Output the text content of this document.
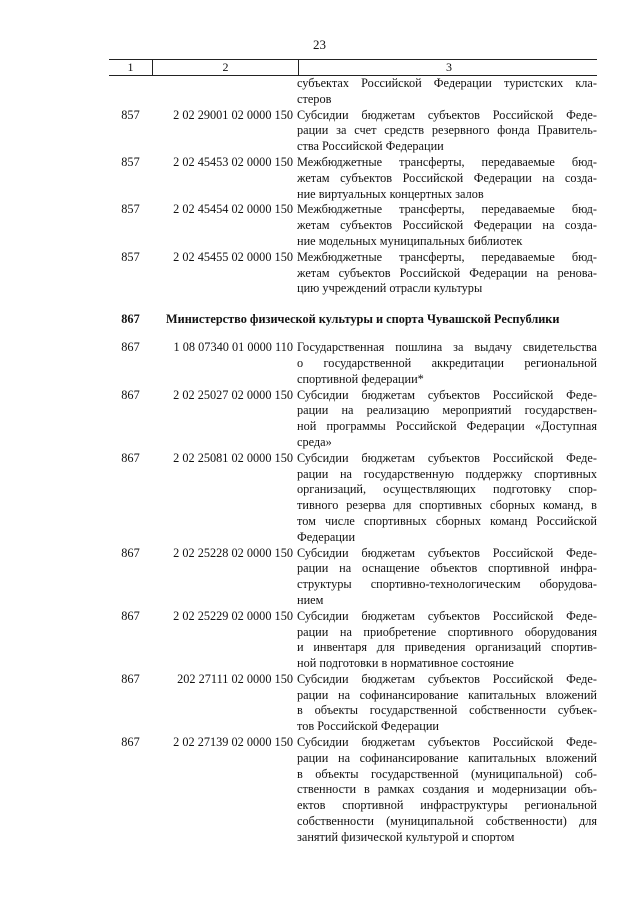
23
1	2	3
субъектах Российской Федерации туристских кла-
стеров
857	2 02 29001 02 0000 150 Субсидии бюджетам субъектов Российской Феде-
рации за счет средств резервного фонда Правитель-
ства Российской Федерации
857	2 02 45453 02 0000 150 Межбюджетные трансферты, передаваемые бюд-
жетам субъектов Российской Федерации на созда-
ние виртуальных концертных залов
857	2 02 45454 02 0000 150 Межбюджетные трансферты, передаваемые бюд-
жетам субъектов Российской Федерации на созда-
ние модельных муниципальных библиотек
857	2 02 45455 02 0000 150 Межбюджетные трансферты, передаваемые бюд-
жетам субъектов Российской Федерации на ренова-
цию учреждений отрасли культуры
867	Министерство физической культуры и спорта Чувашской Республики
867	1 08 07340 01 0000 110 Государственная пошлина за выдачу свидетельства
о государственной аккредитации региональной
спортивной федерации*
867	2 02 25027 02 0000 150 Субсидии бюджетам субъектов Российской Феде-
рации на реализацию мероприятий государствен-
ной программы Российской Федерации «Доступная
среда»
867	2 02 25081 02 0000 150 Субсидии бюджетам субъектов Российской Феде-
рации на государственную поддержку спортивных
организаций, осуществляющих подготовку спор-
тивного резерва для спортивных сборных команд, в
том числе спортивных сборных команд Российской
Федерации
867	2 02 25228 02 0000 150 Субсидии бюджетам субъектов Российской Феде-
рации на оснащение объектов спортивной инфра-
структуры спортивно-технологическим оборудова-
нием
867	2 02 25229 02 0000 150 Субсидии бюджетам субъектов Российской Феде-
рации на приобретение спортивного оборудования
и инвентаря для приведения организаций спортив-
ной подготовки в нормативное состояние
867	202 27111 02 0000 150 Субсидии бюджетам субъектов Российской Феде-
рации на софинансирование капитальных вложений
в объекты государственной собственности субъек-
тов Российской Федерации
867	2 02 27139 02 0000 150 Субсидии бюджетам субъектов Российской Феде-
рации на софинансирование капитальных вложений
в объекты государственной (муниципальной) соб-
ственности в рамках создания и модернизации объ-
ектов спортивной инфраструктуры региональной
собственности (муниципальной собственности) для
занятий физической культурой и спортом
